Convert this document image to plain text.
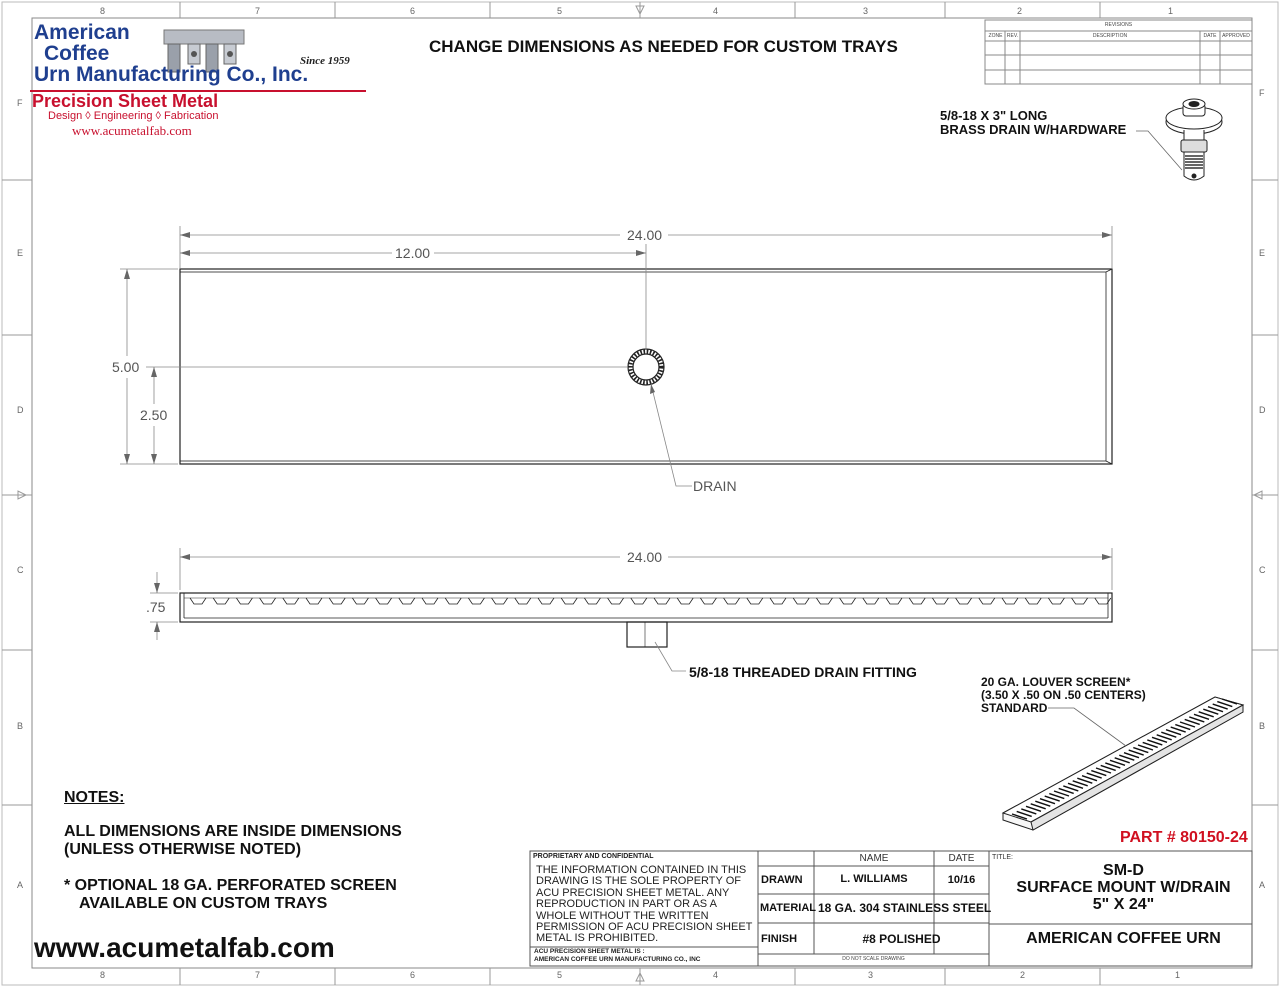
8	7	6	5	4	3	2	1
8	7	6	5	4	3	2	1
F
E
D
C
B
A
F
E
D
C
B
A
American
Coffee
Urn Manufacturing Co., Inc.
Since 1959
Precision Sheet Metal
Design ◊ Engineering ◊ Fabrication
www.acumetalfab.com
CHANGE DIMENSIONS AS NEEDED FOR CUSTOM TRAYS
REVISIONS
ZONE REV.	DESCRIPTION	DATE	APPROVED
5/8-18 X 3" LONG
BRASS DRAIN W/HARDWARE
24.00
12.00
5.00
2.50
24.00
.75
DRAIN
5/8-18 THREADED DRAIN FITTING
20 GA. LOUVER SCREEN*
(3.50 X .50 ON .50 CENTERS)
STANDARD
NOTES:
ALL DIMENSIONS ARE INSIDE DIMENSIONS
(UNLESS OTHERWISE NOTED)
* OPTIONAL 18 GA. PERFORATED SCREEN
AVAILABLE ON CUSTOM TRAYS
www.acumetalfab.com
PART # 80150-24
PROPRIETARY AND CONFIDENTIAL
THE INFORMATION CONTAINED IN THIS DRAWING IS THE SOLE PROPERTY OF ACU PRECISION SHEET METAL. ANY REPRODUCTION IN PART OR AS A WHOLE WITHOUT THE WRITTEN PERMISSION OF ACU PRECISION SHEET METAL IS PROHIBITED.
ACU PRECISION SHEET METAL IS :
AMERICAN COFFEE URN MANUFACTURING CO., INC
NAME	DATE
DRAWN	L. WILLIAMS	10/16
MATERIAL 18 GA. 304 STAINLESS STEEL
FINISH	#8 POLISHED
DO NOT SCALE DRAWING
TITLE:
SM-D
SURFACE MOUNT W/DRAIN
5" X 24"
AMERICAN COFFEE URN
